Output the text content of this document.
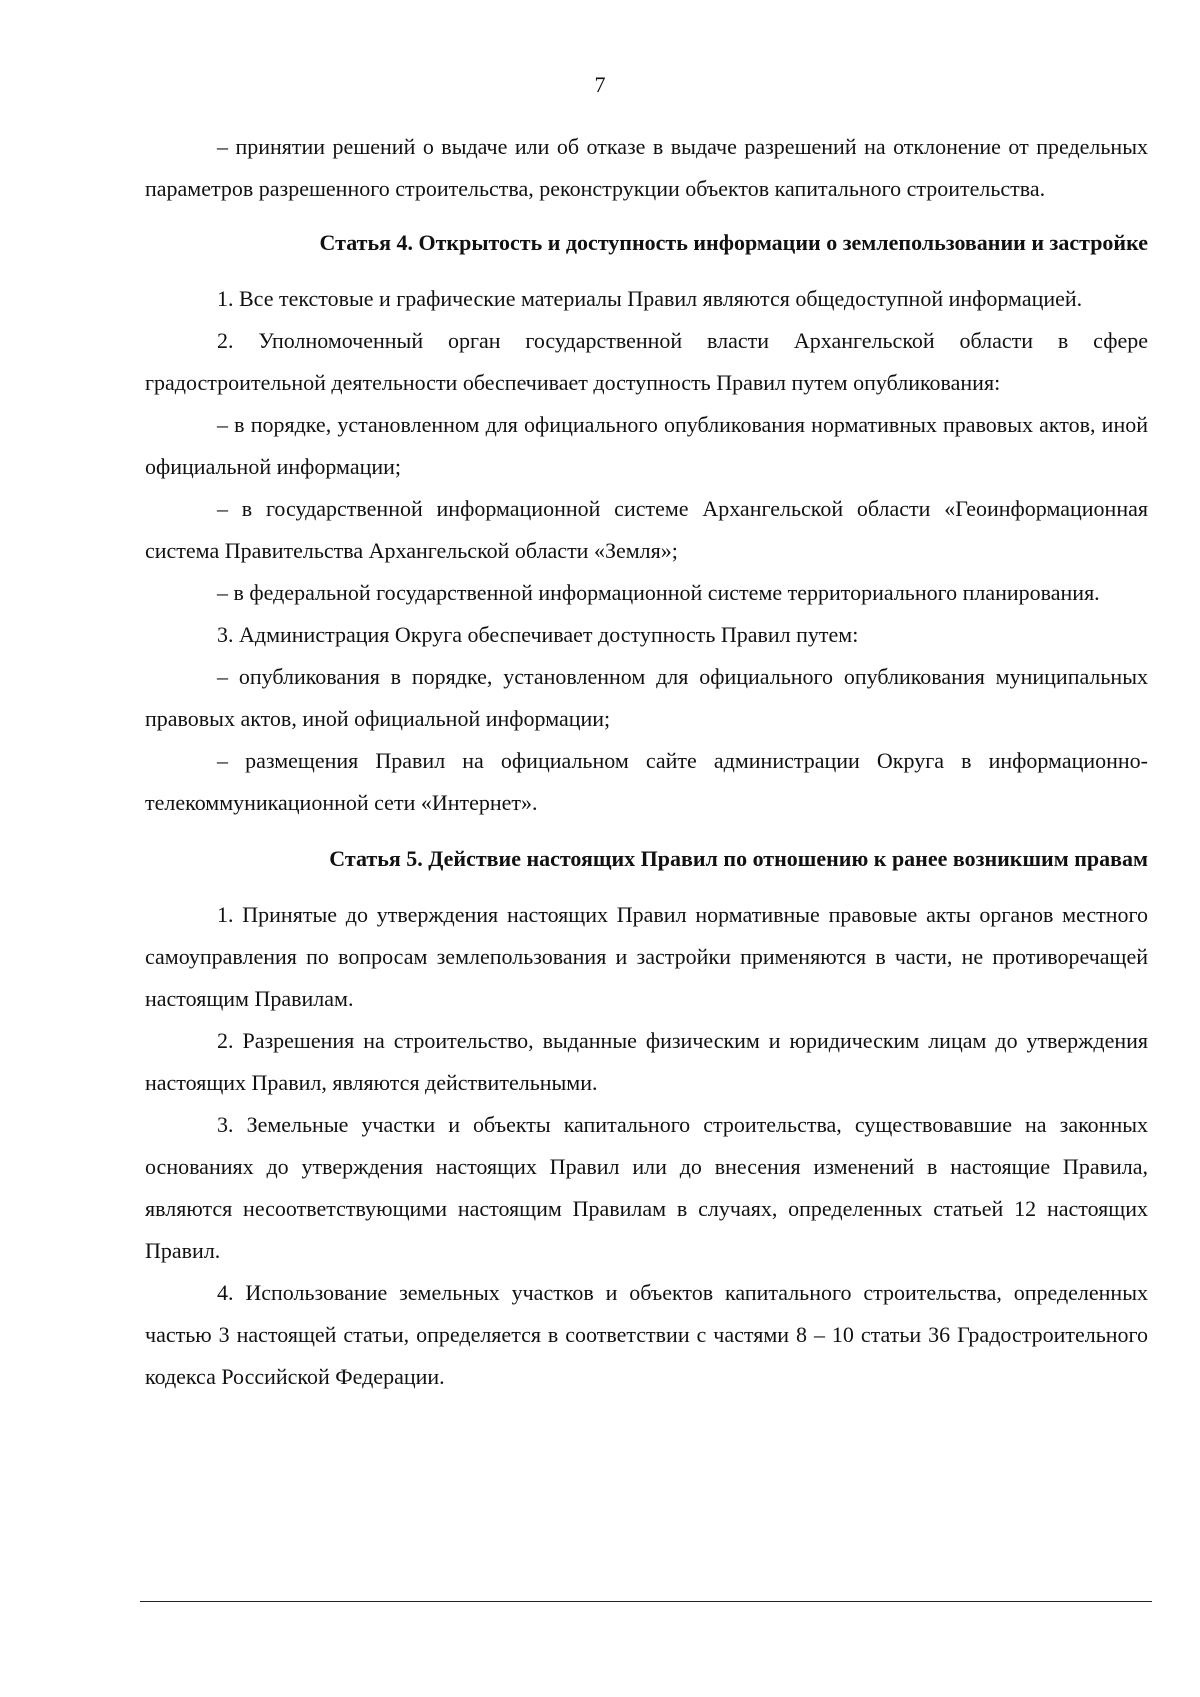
7

– принятии решений о выдаче или об отказе в выдаче разрешений на отклонение от предельных параметров разрешенного строительства, реконструкции объектов капитального строительства.

Статья 4. Открытость и доступность информации о землепользовании и застройке

1. Все текстовые и графические материалы Правил являются общедоступной информацией.

2. Уполномоченный орган государственной власти Архангельской области в сфере градостроительной деятельности обеспечивает доступность Правил путем опубликования:

– в порядке, установленном для официального опубликования нормативных правовых актов, иной официальной информации;

– в государственной информационной системе Архангельской области «Геоинформационная система Правительства Архангельской области «Земля»;

– в федеральной государственной информационной системе территориального планирования.

3. Администрация Округа обеспечивает доступность Правил путем:

– опубликования в порядке, установленном для официального опубликования муниципальных правовых актов, иной официальной информации;

– размещения Правил на официальном сайте администрации Округа в информационно-телекоммуникационной сети «Интернет».

Статья 5. Действие настоящих Правил по отношению к ранее возникшим правам

1. Принятые до утверждения настоящих Правил нормативные правовые акты органов местного самоуправления по вопросам землепользования и застройки применяются в части, не противоречащей настоящим Правилам.

2. Разрешения на строительство, выданные физическим и юридическим лицам до утверждения настоящих Правил, являются действительными.

3. Земельные участки и объекты капитального строительства, существовавшие на законных основаниях до утверждения настоящих Правил или до внесения изменений в настоящие Правила, являются несоответствующими настоящим Правилам в случаях, определенных статьей 12 настоящих Правил.

4. Использование земельных участков и объектов капитального строительства, определенных частью 3 настоящей статьи, определяется в соответствии с частями 8 – 10 статьи 36 Градостроительного кодекса Российской Федерации.
